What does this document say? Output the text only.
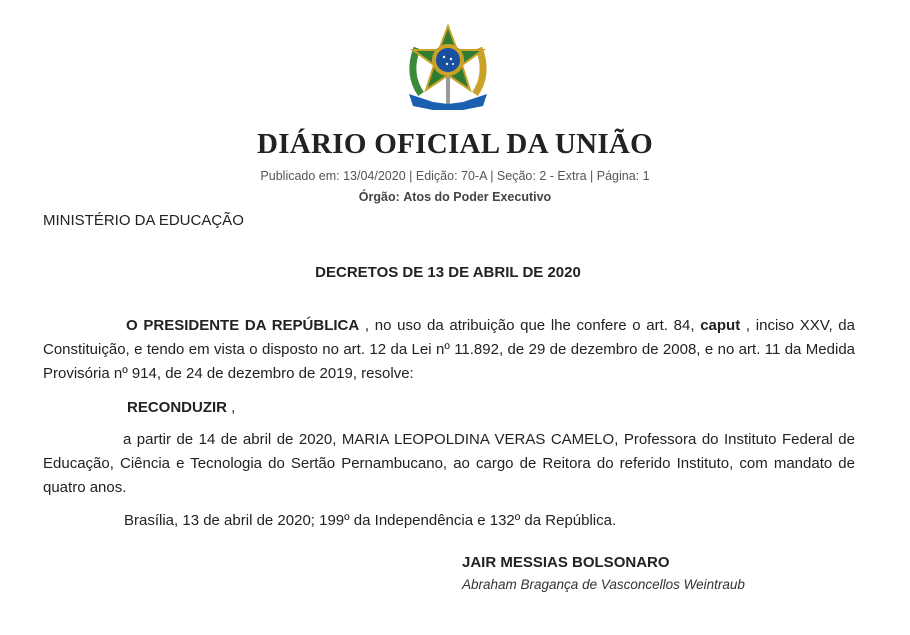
DIÁRIO OFICIAL DA UNIÃO
Publicado em: 13/04/2020 | Edição: 70-A | Seção: 2 - Extra | Página: 1
Órgão: Atos do Poder Executivo
MINISTÉRIO DA EDUCAÇÃO
DECRETOS DE 13 DE ABRIL DE 2020
O PRESIDENTE DA REPÚBLICA , no uso da atribuição que lhe confere o art. 84, caput , inciso XXV, da Constituição, e tendo em vista o disposto no art. 12 da Lei nº 11.892, de 29 de dezembro de 2008, e no art. 11 da Medida Provisória nº 914, de 24 de dezembro de 2019, resolve:
RECONDUZIR ,
a partir de 14 de abril de 2020, MARIA LEOPOLDINA VERAS CAMELO, Professora do Instituto Federal de Educação, Ciência e Tecnologia do Sertão Pernambucano, ao cargo de Reitora do referido Instituto, com mandato de quatro anos.
Brasília, 13 de abril de 2020; 199º da Independência e 132º da República.
JAIR MESSIAS BOLSONARO
Abraham Bragança de Vasconcellos Weintraub
